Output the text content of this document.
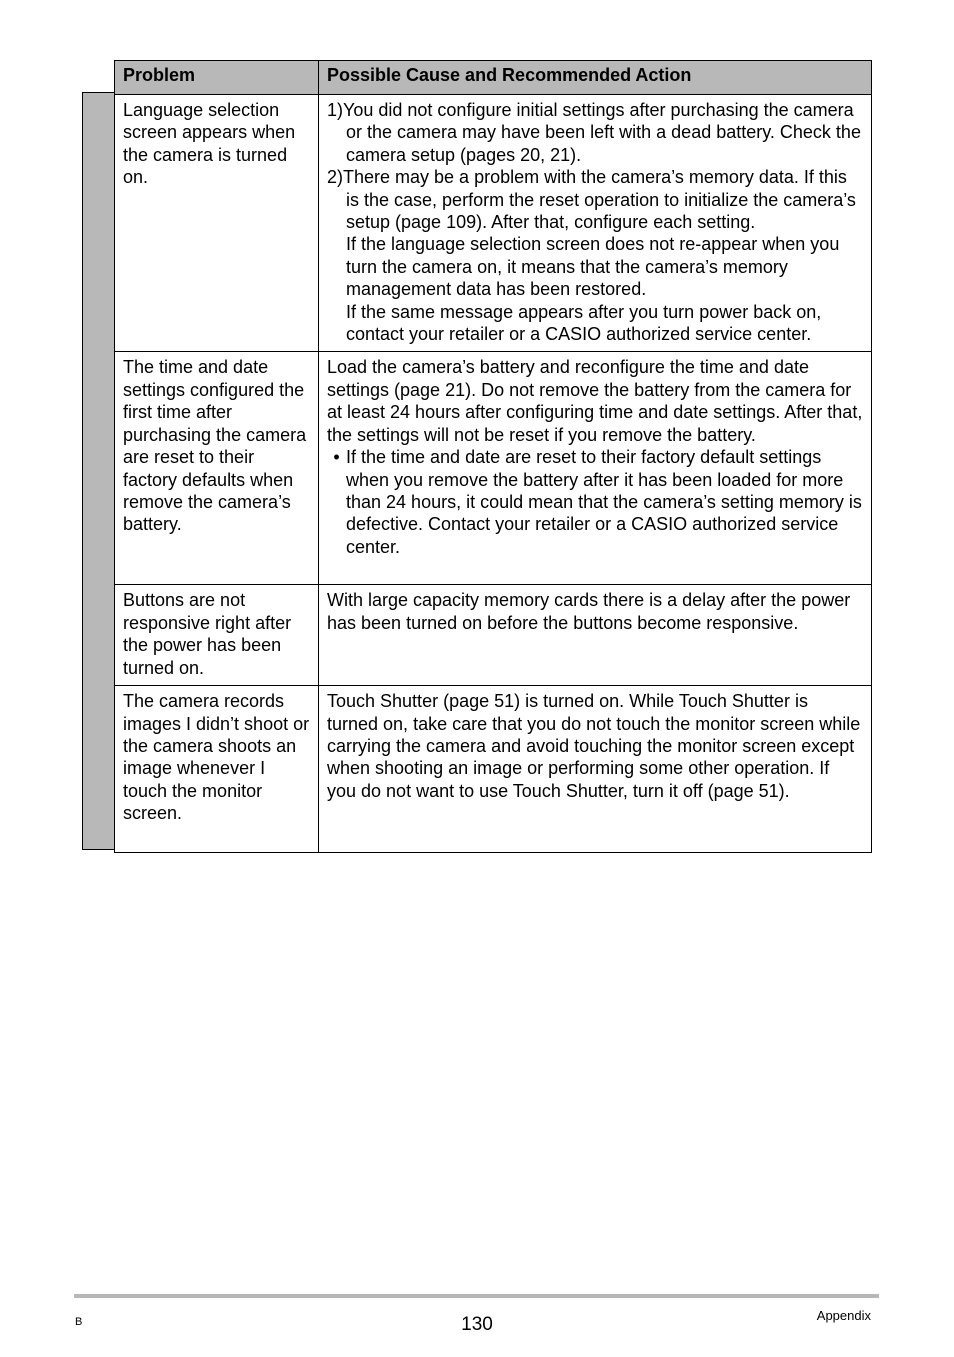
Problem	Possible Cause and Recommended Action
Language selection screen appears when the camera is turned on.	1)You did not configure initial settings after purchasing the camera or the camera may have been left with a dead battery. Check the camera setup (pages 20, 21).
2)There may be a problem with the camera’s memory data. If this is the case, perform the reset operation to initialize the camera’s setup (page 109). After that, configure each setting.
If the language selection screen does not re-appear when you turn the camera on, it means that the camera’s memory management data has been restored.
If the same message appears after you turn power back on, contact your retailer or a CASIO authorized service center.

The time and date settings configured the first time after purchasing the camera are reset to their factory defaults when remove the camera’s battery.	Load the camera’s battery and reconfigure the time and date settings (page 21). Do not remove the battery from the camera for at least 24 hours after configuring time and date settings. After that, the settings will not be reset if you remove the battery.
• If the time and date are reset to their factory default settings when you remove the battery after it has been loaded for more than 24 hours, it could mean that the camera’s setting memory is defective. Contact your retailer or a CASIO authorized service center.

Buttons are not responsive right after the power has been turned on.	With large capacity memory cards there is a delay after the power has been turned on before the buttons become responsive.
The camera records images I didn’t shoot or the camera shoots an image whenever I touch the monitor screen.	Touch Shutter (page 51) is turned on. While Touch Shutter is turned on, take care that you do not touch the monitor screen while carrying the camera and avoid touching the monitor screen except when shooting an image or performing some other operation. If you do not want to use Touch Shutter, turn it off (page 51).
B	130	Appendix
